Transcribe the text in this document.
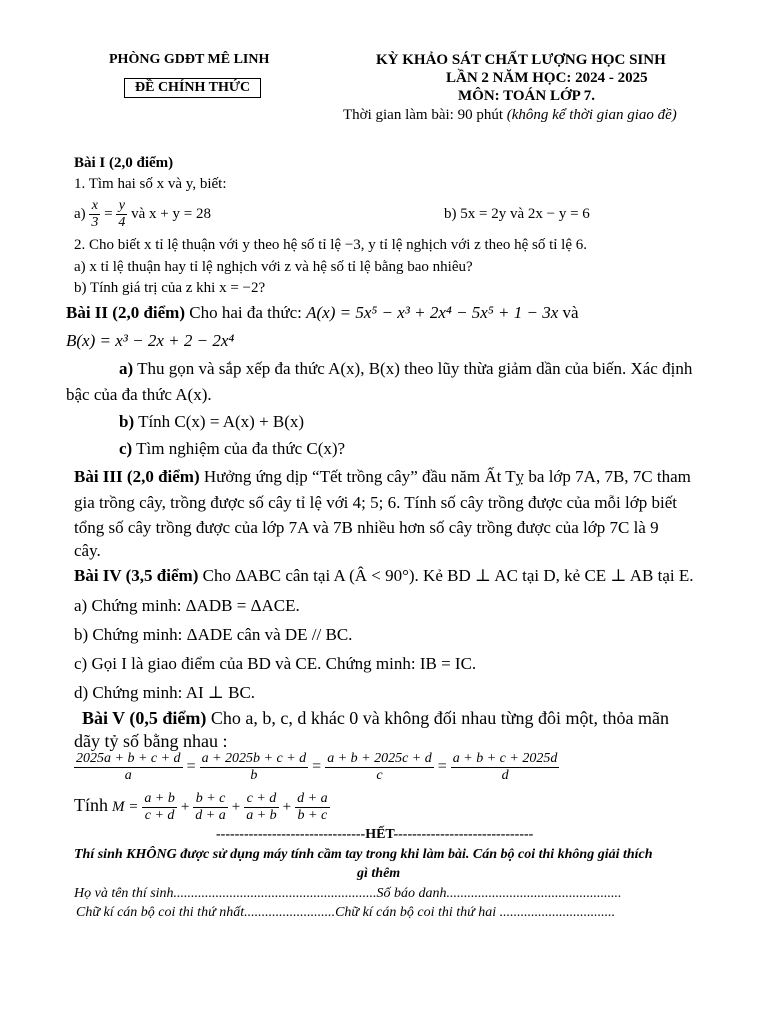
PHÒNG GDĐT MÊ LINH
ĐỀ CHÍNH THỨC
KỲ KHẢO SÁT CHẤT LƯỢNG HỌC SINH
LẦN 2 NĂM HỌC: 2024 - 2025
MÔN: TOÁN LỚP 7.
Thời gian làm bài: 90 phút (không kể thời gian giao đề)
Bài I (2,0 điểm)
1. Tìm hai số x và y, biết:
$a) \frac{x}{3} = \frac{y}{4}$ và x + y = 28	b) 5x = 2y và 2x − y = 6
2. Cho biết x tỉ lệ thuận với y theo hệ số tỉ lệ −3, y tỉ lệ nghịch với z theo hệ số tỉ lệ 6.
a) x tỉ lệ thuận hay tỉ lệ nghịch với z và hệ số tỉ lệ bằng bao nhiêu?
b) Tính giá trị của z khi x = −2?
Bài II (2,0 điểm) Cho hai đa thức: A(x) = 5x⁵ − x³ + 2x⁴ − 5x⁵ + 1 − 3x và
B(x) = x³ − 2x + 2 − 2x⁴
a) Thu gọn và sắp xếp đa thức A(x), B(x) theo lũy thừa giảm dần của biến. Xác định
bậc của đa thức A(x).
b) Tính C(x) = A(x) + B(x)
c) Tìm nghiệm của đa thức C(x)?
Bài III (2,0 điểm) Hưởng ứng dịp “Tết trồng cây” đầu năm Ất Tỵ ba lớp 7A, 7B, 7C tham
gia trồng cây, trồng được số cây tỉ lệ với 4; 5; 6. Tính số cây trồng được của mỗi lớp biết
tổng số cây trồng được của lớp 7A và 7B nhiều hơn số cây trồng được của lớp 7C là 9
cây.
Bài IV (3,5 điểm) Cho ΔABC cân tại A (Â < 90°). Kẻ BD ⊥ AC tại D, kẻ CE ⊥ AB tại E.
a) Chứng minh: ΔADB = ΔACE.
b) Chứng minh: ΔADE cân và DE // BC.
c) Gọi I là giao điểm của BD và CE. Chứng minh: IB = IC.
d) Chứng minh: AI ⊥ BC.
Bài V (0,5 điểm) Cho a, b, c, d khác 0 và không đối nhau từng đôi một, thỏa mãn
dãy tỷ số bằng nhau :
$\frac{2025a + b + c + d}{a} = \frac{a + 2025b + c + d}{b} = \frac{a + b + 2025c + d}{c} = \frac{a + b + c + 2025d}{d}$
Tính $M = \frac{a + b}{c + d} + \frac{b + c}{d + a} + \frac{c + d}{a + b} + \frac{d + a}{b + c}$
--------------------------------HẾT------------------------------
Thí sinh KHÔNG được sử dụng máy tính cầm tay trong khi làm bài. Cán bộ coi thi không giải thích
gì thêm
Họ và tên thí sinh..........................................................Số báo danh..................................................
Chữ kí cán bộ coi thi thứ nhất..........................Chữ kí cán bộ coi thi thứ hai .................................
